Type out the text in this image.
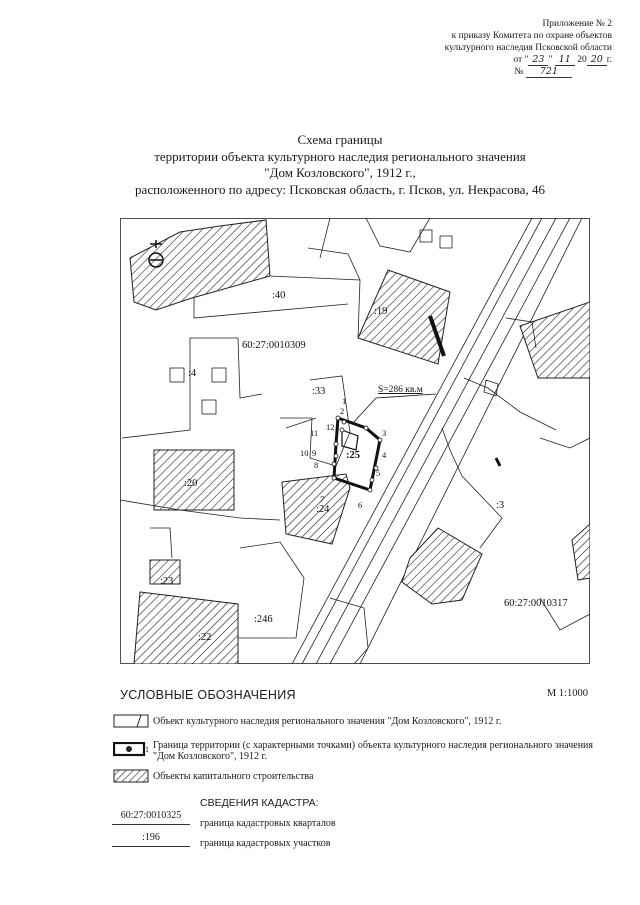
Приложение № 2
к приказу Комитета по охране объектов
культурного наследия Псковской области
от " 23 " 11 20 20 г.
№ 721
Схема границы
территории объекта культурного наследия регионального значения
"Дом Козловского", 1912 г.,
расположенного по адресу: Псковская область, г. Псков, ул. Некрасова, 46
:40
60:27:0010309
:19
:4
:33	S=286 кв.м
:25
:20
:24	:3
:23
:246
:22
60:27:0010317
1
2
3
4
5
6
7
8
9
10
11
12
УСЛОВНЫЕ ОБОЗНАЧЕНИЯ	М 1:1000
Объект культурного наследия регионального значения "Дом Козловского", 1912 г.
1 Граница территории (с характерными точками) объекта культурного наследия регионального значения "Дом Козловского", 1912 г.
Объекты капитального строительства
СВЕДЕНИЯ КАДАСТРА:
60:27:0010325
граница кадастровых кварталов
:196
граница кадастровых участков
